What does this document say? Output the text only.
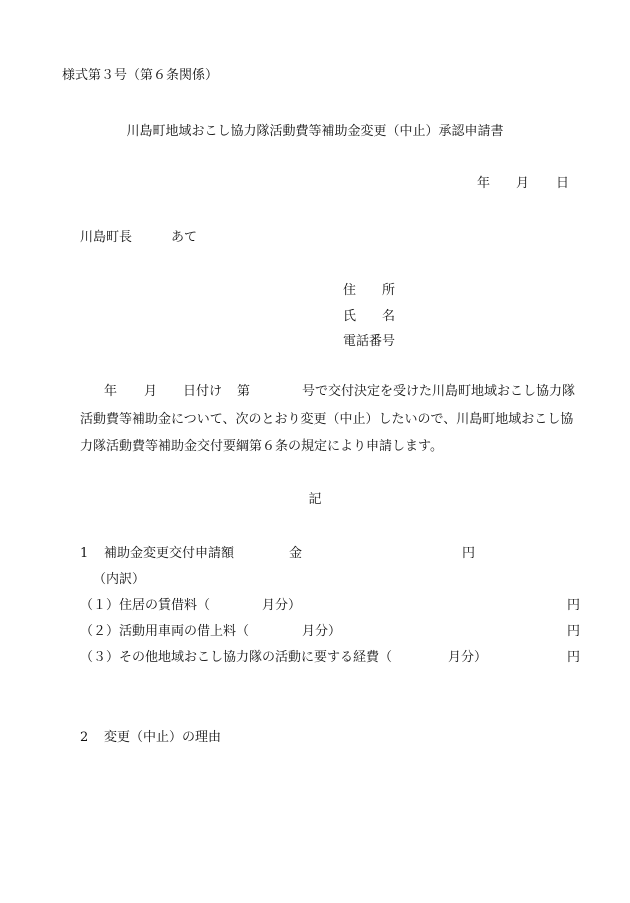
様式第３号（第６条関係）
川島町地域おこし協力隊活動費等補助金変更（中止）承認申請書
年 月 日
川島町長	あて
住　　所
氏　　名
電話番号
年 月 日付け 第	号で交付決定を受けた川島町地域おこし協力隊
活動費等補助金について、次のとおり変更（中止）したいので、川島町地域おこし協
力隊活動費等補助金交付要綱第６条の規定により申請します。
記
1 補助金変更交付申請額	金	円
（内訳）
（１）住居の賃借料（	月分）	円
（２）活動用車両の借上料（	月分）	円
（３）その他地域おこし協力隊の活動に要する経費（	月分）	円
2 変更（中止）の理由
